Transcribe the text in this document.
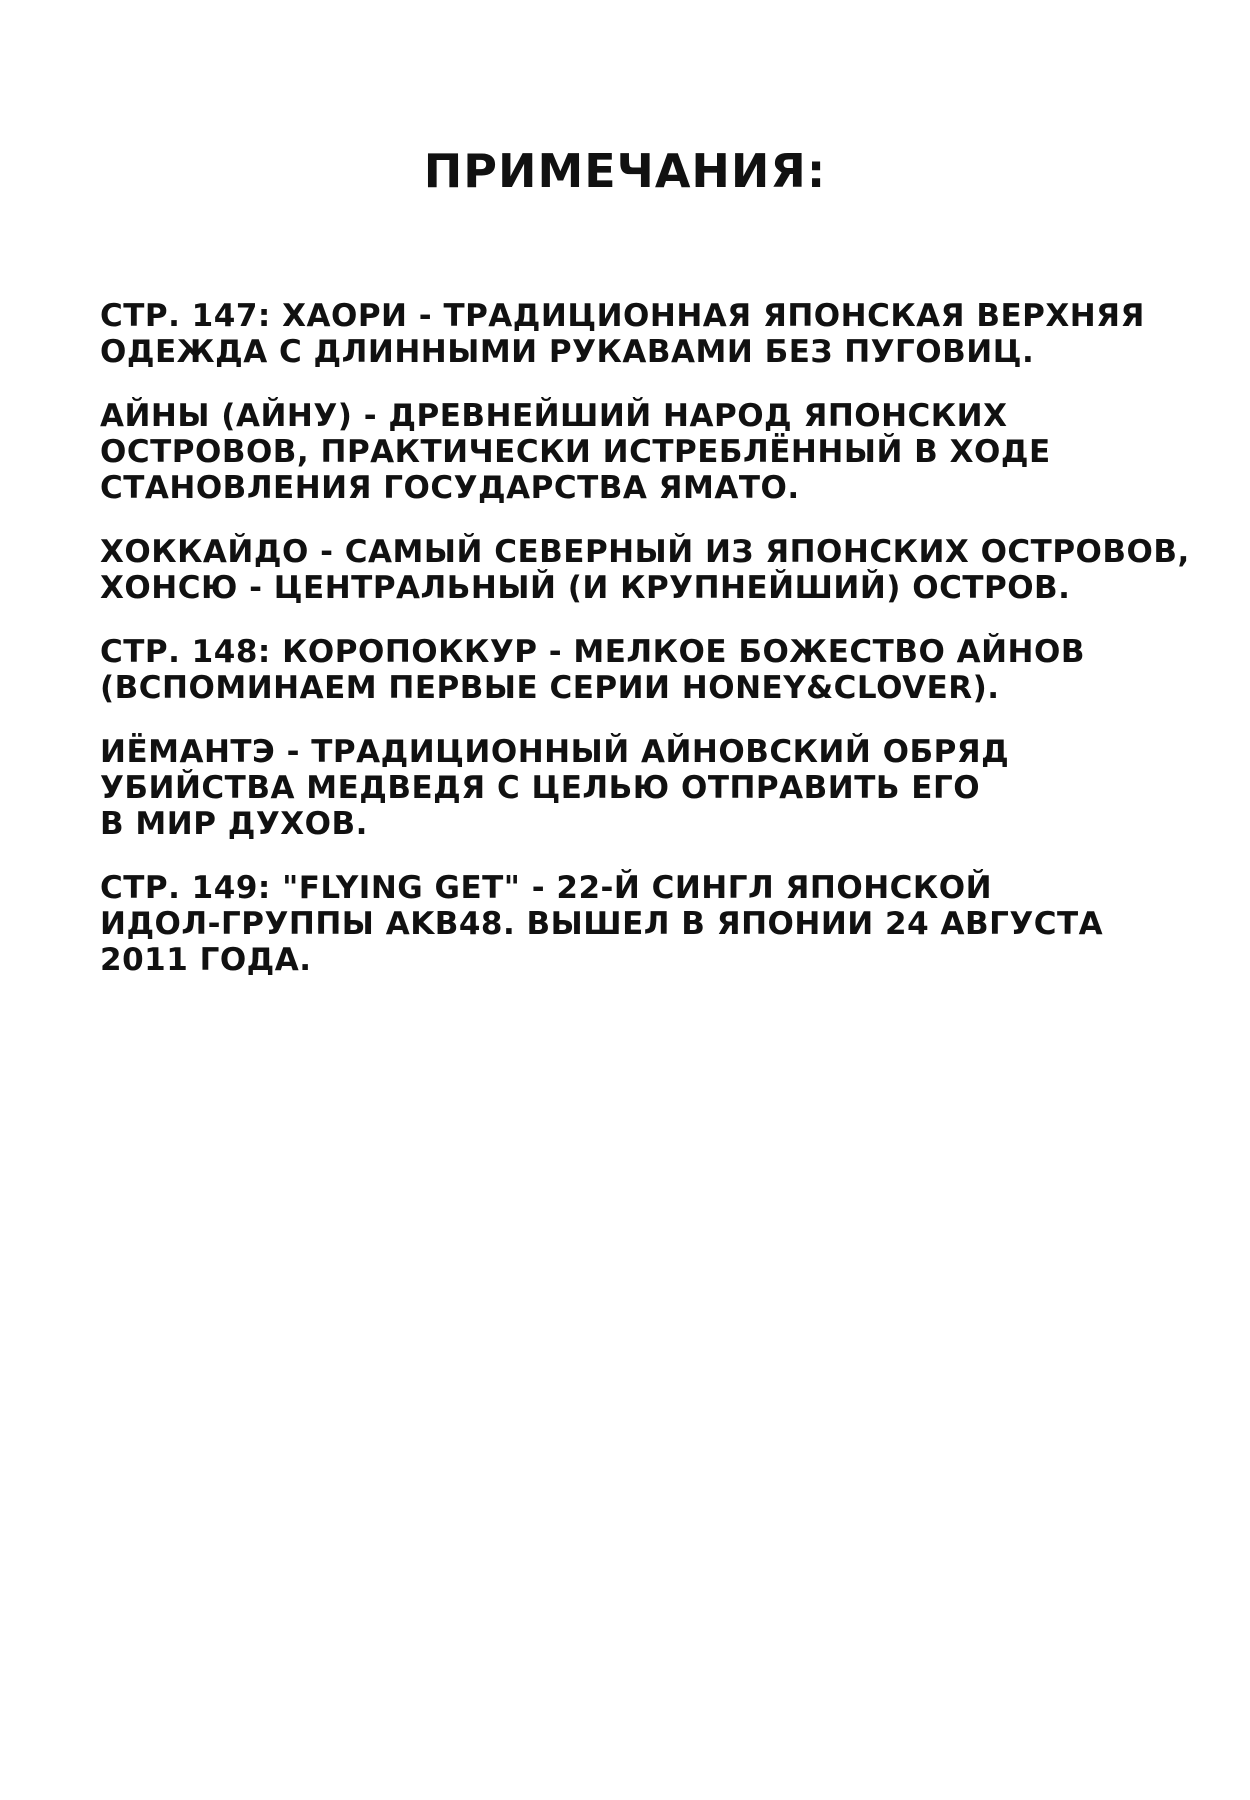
ПРИМЕЧАНИЯ:

СТР. 147: ХАОРИ - ТРАДИЦИОННАЯ ЯПОНСКАЯ ВЕРХНЯЯ
ОДЕЖДА С ДЛИННЫМИ РУКАВАМИ БЕЗ ПУГОВИЦ.

АЙНЫ (АЙНУ) - ДРЕВНЕЙШИЙ НАРОД ЯПОНСКИХ
ОСТРОВОВ, ПРАКТИЧЕСКИ ИСТРЕБЛЁННЫЙ В ХОДЕ
СТАНОВЛЕНИЯ ГОСУДАРСТВА ЯМАТО.

ХОККАЙДО - САМЫЙ СЕВЕРНЫЙ ИЗ ЯПОНСКИХ ОСТРОВОВ,
ХОНСЮ - ЦЕНТРАЛЬНЫЙ (И КРУПНЕЙШИЙ) ОСТРОВ.

СТР. 148: КОРОПОККУР - МЕЛКОЕ БОЖЕСТВО АЙНОВ
(ВСПОМИНАЕМ ПЕРВЫЕ СЕРИИ HONEY&CLOVER).

ИЁМАНТЭ - ТРАДИЦИОННЫЙ АЙНОВСКИЙ ОБРЯД
УБИЙСТВА МЕДВЕДЯ С ЦЕЛЬЮ ОТПРАВИТЬ ЕГО
В МИР ДУХОВ.

СТР. 149: "FLYING GET" - 22-Й СИНГЛ ЯПОНСКОЙ
ИДОЛ-ГРУППЫ AKB48. ВЫШЕЛ В ЯПОНИИ 24 АВГУСТА
2011 ГОДА.
